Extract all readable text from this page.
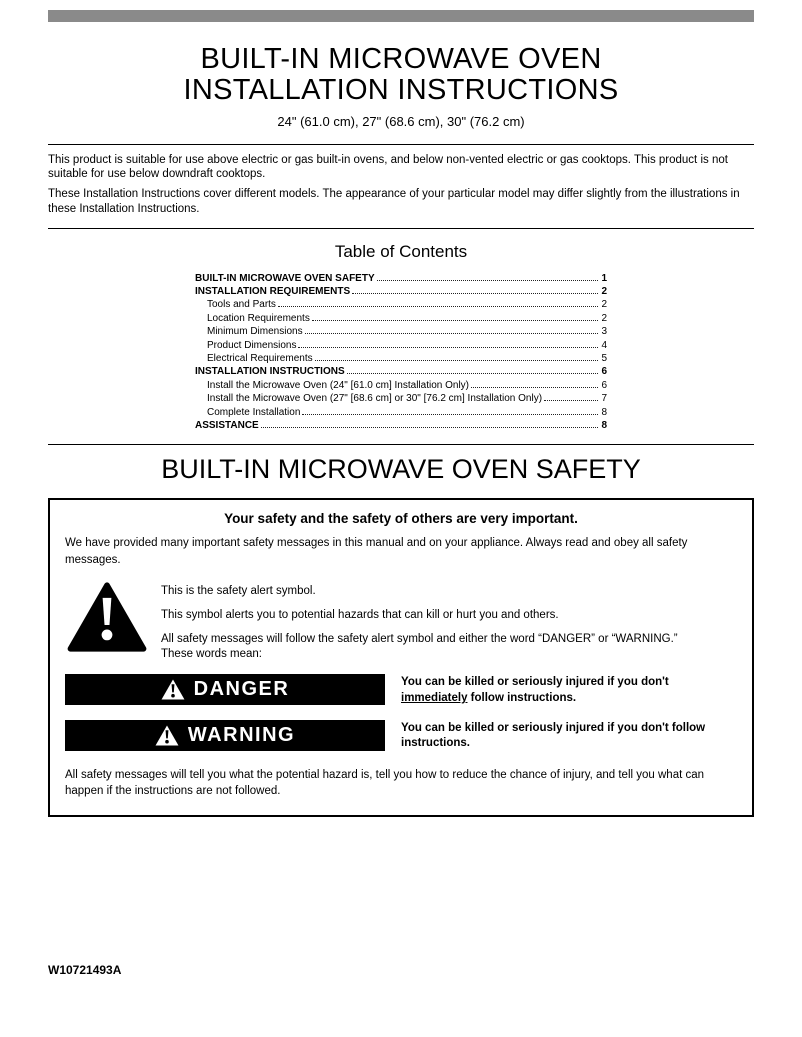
BUILT-IN MICROWAVE OVEN
INSTALLATION INSTRUCTIONS
24" (61.0 cm), 27" (68.6 cm), 30" (76.2 cm)

This product is suitable for use above electric or gas built-in ovens, and below non-vented electric or gas cooktops. This product is not suitable for use below downdraft cooktops.

These Installation Instructions cover different models. The appearance of your particular model may differ slightly from the illustrations in these Installation Instructions.

Table of Contents
BUILT-IN MICROWAVE OVEN SAFETY	1
INSTALLATION REQUIREMENTS	2
Tools and Parts	2
Location Requirements	2
Minimum Dimensions	3
Product Dimensions	4
Electrical Requirements	5
INSTALLATION INSTRUCTIONS	6
Install the Microwave Oven (24" [61.0 cm] Installation Only)	6
Install the Microwave Oven (27" [68.6 cm] or 30" [76.2 cm] Installation Only)	7
Complete Installation	8
ASSISTANCE	8
BUILT-IN MICROWAVE OVEN SAFETY
Your safety and the safety of others are very important.
We have provided many important safety messages in this manual and on your appliance. Always read and obey all safety messages.

This is the safety alert symbol.

This symbol alerts you to potential hazards that can kill or hurt you and others.

All safety messages will follow the safety alert symbol and either the word “DANGER” or “WARNING.” These words mean:

DANGER	You can be killed or seriously injured if you don't immediately follow instructions.
WARNING	You can be killed or seriously injured if you don't follow instructions.
All safety messages will tell you what the potential hazard is, tell you how to reduce the chance of injury, and tell you what can happen if the instructions are not followed.
W10721493A
